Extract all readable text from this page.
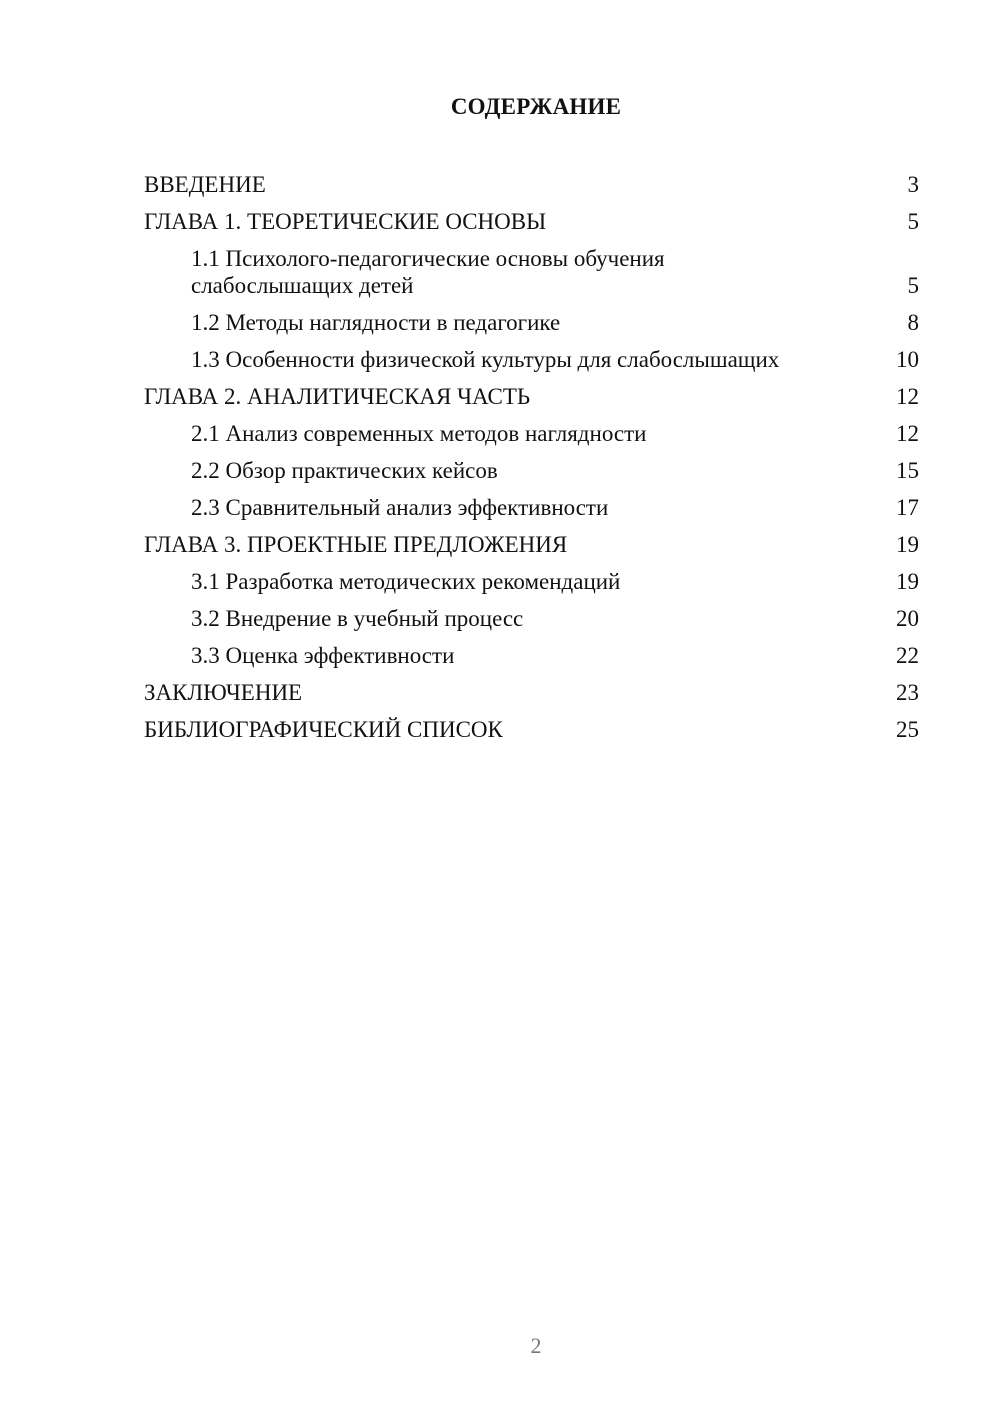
СОДЕРЖАНИЕ
ВВЕДЕНИЕ	3
ГЛАВА 1. ТЕОРЕТИЧЕСКИЕ ОСНОВЫ	5
1.1 Психолого-педагогические основы обучения слабослышащих детей	5
1.2 Методы наглядности в педагогике	8
1.3 Особенности физической культуры для слабослышащих	10
ГЛАВА 2. АНАЛИТИЧЕСКАЯ ЧАСТЬ	12
2.1 Анализ современных методов наглядности	12
2.2 Обзор практических кейсов	15
2.3 Сравнительный анализ эффективности	17
ГЛАВА 3. ПРОЕКТНЫЕ ПРЕДЛОЖЕНИЯ	19
3.1 Разработка методических рекомендаций	19
3.2 Внедрение в учебный процесс	20
3.3 Оценка эффективности	22
ЗАКЛЮЧЕНИЕ	23
БИБЛИОГРАФИЧЕСКИЙ СПИСОК	25
2
